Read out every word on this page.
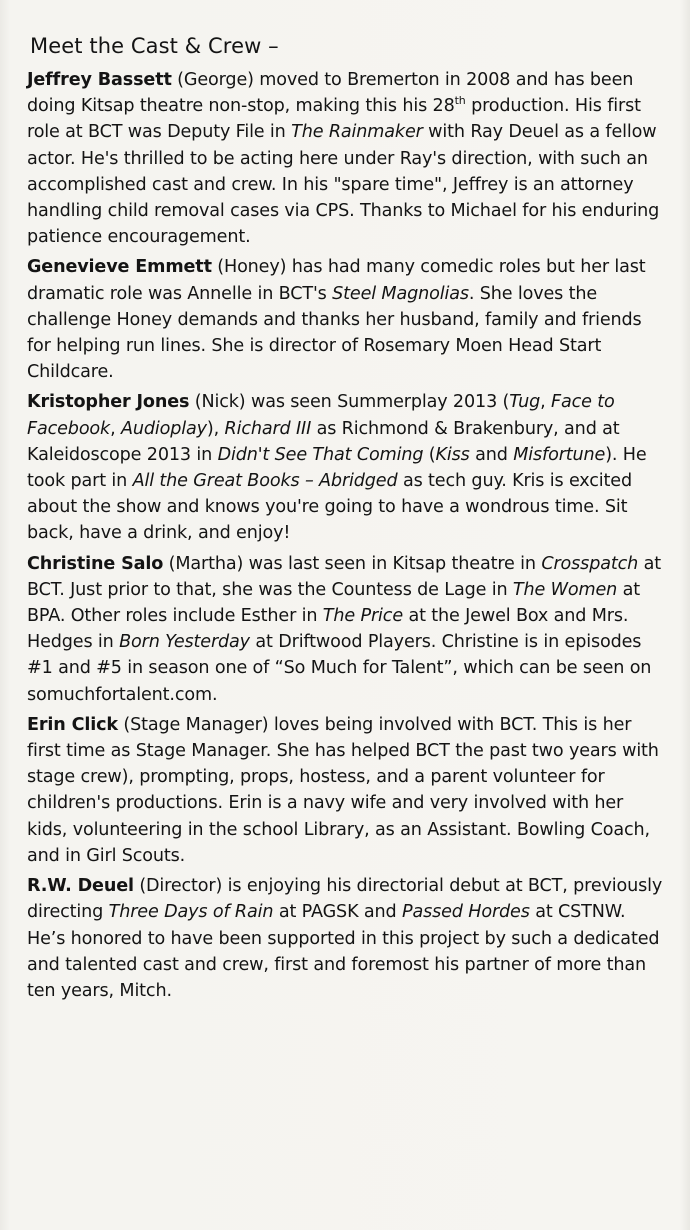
Meet the Cast & Crew –

Jeffrey Bassett (George) moved to Bremerton in 2008 and has been doing Kitsap theatre non-stop, making this his 28th production. His first role at BCT was Deputy File in The Rainmaker with Ray Deuel as a fellow actor. He's thrilled to be acting here under Ray's direction, with such an accomplished cast and crew. In his "spare time", Jeffrey is an attorney handling child removal cases via CPS. Thanks to Michael for his enduring patience encouragement.

Genevieve Emmett (Honey) has had many comedic roles but her last dramatic role was Annelle in BCT's Steel Magnolias. She loves the challenge Honey demands and thanks her husband, family and friends for helping run lines. She is director of Rosemary Moen Head Start Childcare.

Kristopher Jones (Nick) was seen Summerplay 2013 (Tug, Face to Facebook, Audioplay), Richard III as Richmond & Brakenbury, and at Kaleidoscope 2013 in Didn't See That Coming (Kiss and Misfortune). He took part in All the Great Books – Abridged as tech guy. Kris is excited about the show and knows you're going to have a wondrous time. Sit back, have a drink, and enjoy!

Christine Salo (Martha) was last seen in Kitsap theatre in Crosspatch at BCT. Just prior to that, she was the Countess de Lage in The Women at BPA. Other roles include Esther in The Price at the Jewel Box and Mrs. Hedges in Born Yesterday at Driftwood Players. Christine is in episodes #1 and #5 in season one of “So Much for Talent”, which can be seen on somuchfortalent.com.

Erin Click (Stage Manager) loves being involved with BCT. This is her first time as Stage Manager. She has helped BCT the past two years with stage crew), prompting, props, hostess, and a parent volunteer for children's productions. Erin is a navy wife and very involved with her kids, volunteering in the school Library, as an Assistant. Bowling Coach, and in Girl Scouts.

R.W. Deuel (Director) is enjoying his directorial debut at BCT, previously directing Three Days of Rain at PAGSK and Passed Hordes at CSTNW. He’s honored to have been supported in this project by such a dedicated and talented cast and crew, first and foremost his partner of more than ten years, Mitch.
